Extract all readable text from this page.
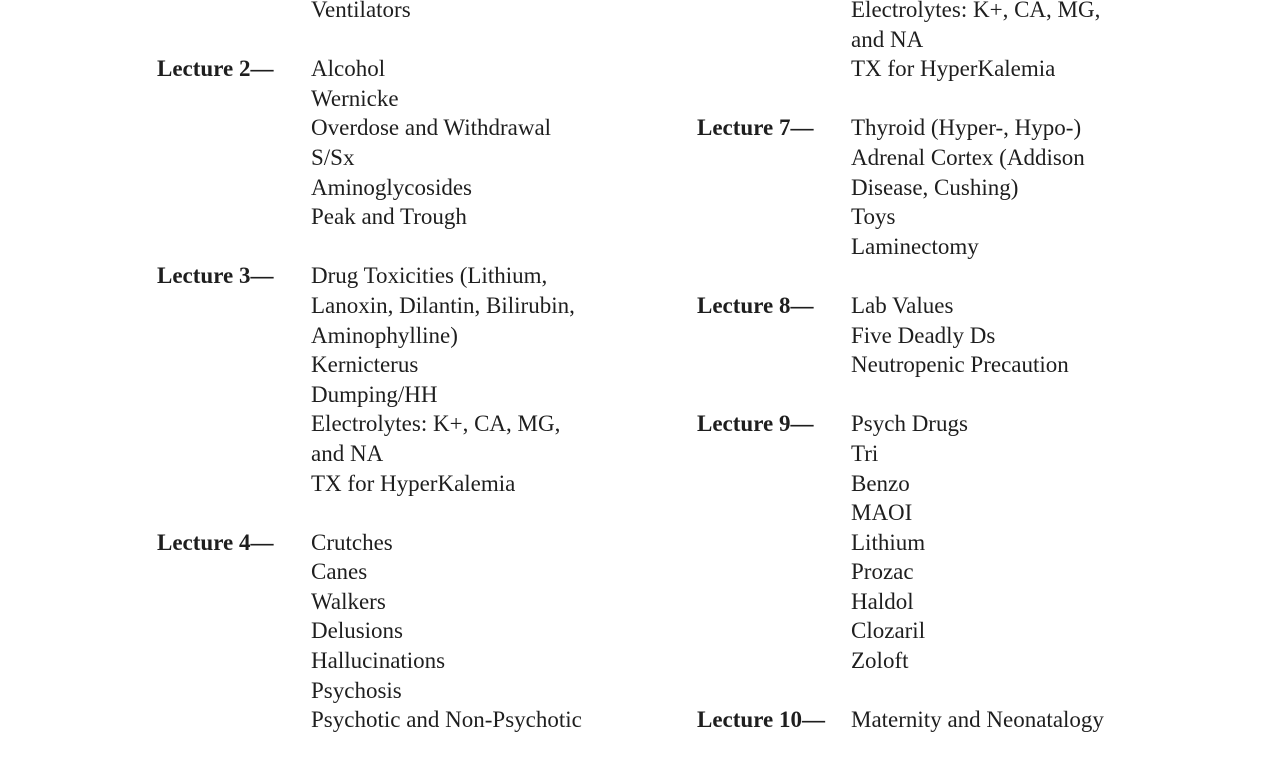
Ventilators
Lecture 2—	Alcohol
Wernicke
Overdose and Withdrawal
S/Sx
Aminoglycosides
Peak and Trough
Lecture 3—	Drug Toxicities (Lithium,
Lanoxin, Dilantin, Bilirubin,
Aminophylline)
Kernicterus
Dumping/HH
Electrolytes: K+, CA, MG,
and NA
TX for HyperKalemia
Lecture 4—	Crutches
Canes
Walkers
Delusions
Hallucinations
Psychosis
Psychotic and Non-Psychotic
Electrolytes: K+, CA, MG,
and NA
TX for HyperKalemia
Lecture 7—	Thyroid (Hyper-, Hypo-)
Adrenal Cortex (Addison
Disease, Cushing)
Toys
Laminectomy
Lecture 8—	Lab Values
Five Deadly Ds
Neutropenic Precaution
Lecture 9—	Psych Drugs
Tri
Benzo
MAOI
Lithium
Prozac
Haldol
Clozaril
Zoloft
Lecture 10—	Maternity and Neonatalogy
